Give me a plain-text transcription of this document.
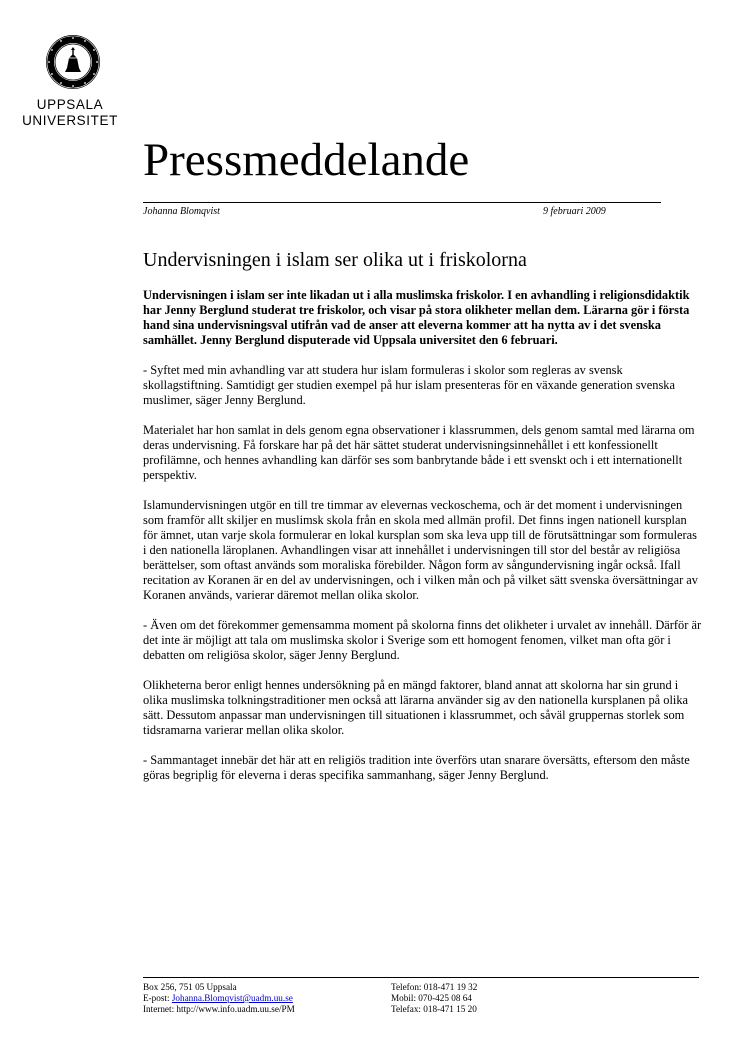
UPPSALA
UNIVERSITET
Pressmeddelande
Johanna Blomqvist	9 februari 2009
Undervisningen i islam ser olika ut i friskolorna

Undervisningen i islam ser inte likadan ut i alla muslimska friskolor. I en avhandling i religionsdidaktik har Jenny Berglund studerat tre friskolor, och visar på stora olikheter mellan dem. Lärarna gör i första hand sina undervisningsval utifrån vad de anser att eleverna kommer att ha nytta av i det svenska samhället. Jenny Berglund disputerade vid Uppsala universitet den 6 februari.

- Syftet med min avhandling var att studera hur islam formuleras i skolor som regleras av svensk skollagstiftning. Samtidigt ger studien exempel på hur islam presenteras för en växande generation svenska muslimer, säger Jenny Berglund.

Materialet har hon samlat in dels genom egna observationer i klassrummen, dels genom samtal med lärarna om deras undervisning. Få forskare har på det här sättet studerat undervisningsinnehållet i ett konfessionellt profilämne, och hennes avhandling kan därför ses som banbrytande både i ett svenskt och i ett internationellt perspektiv.

Islamundervisningen utgör en till tre timmar av elevernas veckoschema, och är det moment i undervisningen som framför allt skiljer en muslimsk skola från en skola med allmän profil. Det finns ingen nationell kursplan för ämnet, utan varje skola formulerar en lokal kursplan som ska leva upp till de förutsättningar som formuleras i den nationella läroplanen. Avhandlingen visar att innehållet i undervisningen till stor del består av religiösa berättelser, som oftast används som moraliska förebilder. Någon form av sångundervisning ingår också. Ifall recitation av Koranen är en del av undervisningen, och i vilken mån och på vilket sätt svenska översättningar av Koranen används, varierar däremot mellan olika skolor.

- Även om det förekommer gemensamma moment på skolorna finns det olikheter i urvalet av innehåll. Därför är det inte är möjligt att tala om muslimska skolor i Sverige som ett homogent fenomen, vilket man ofta gör i debatten om religiösa skolor, säger Jenny Berglund.

Olikheterna beror enligt hennes undersökning på en mängd faktorer, bland annat att skolorna har sin grund i olika muslimska tolkningstraditioner men också att lärarna använder sig av den nationella kursplanen på olika sätt. Dessutom anpassar man undervisningen till situationen i klassrummet, och såväl gruppernas storlek som tidsramarna varierar mellan olika skolor.

- Sammantaget innebär det här att en religiös tradition inte överförs utan snarare översätts, eftersom den måste göras begriplig för eleverna i deras specifika sammanhang, säger Jenny Berglund.

Box 256, 751 05 Uppsala
E-post: Johanna.Blomqvist@uadm.uu.se
Internet: http://www.info.uadm.uu.se/PM
Telefon: 018-471 19 32
Mobil: 070-425 08 64
Telefax: 018-471 15 20
